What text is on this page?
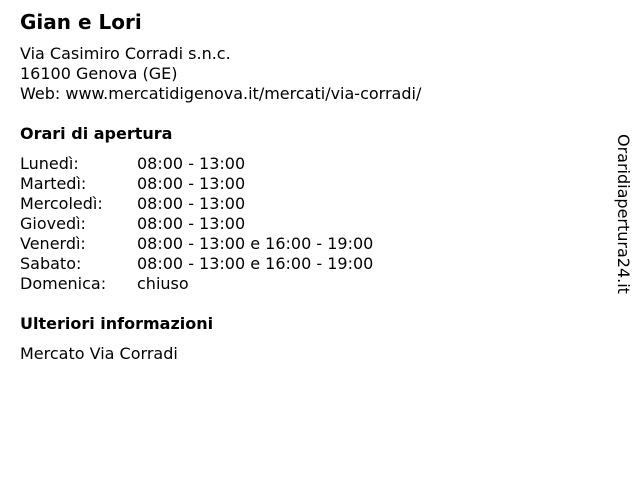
Gian e Lori
Via Casimiro Corradi s.n.c.
16100 Genova (GE)
Web: www.mercatidigenova.it/mercati/via-corradi/
Orari di apertura
Lunedì:	08:00 - 13:00
Martedì:	08:00 - 13:00
Mercoledì:	08:00 - 13:00
Giovedì:	08:00 - 13:00
Venerdì:	08:00 - 13:00 e 16:00 - 19:00
Sabato:	08:00 - 13:00 e 16:00 - 19:00
Domenica:	chiuso
Ulteriori informazioni
Mercato Via Corradi
Oraridiapertura24.it
